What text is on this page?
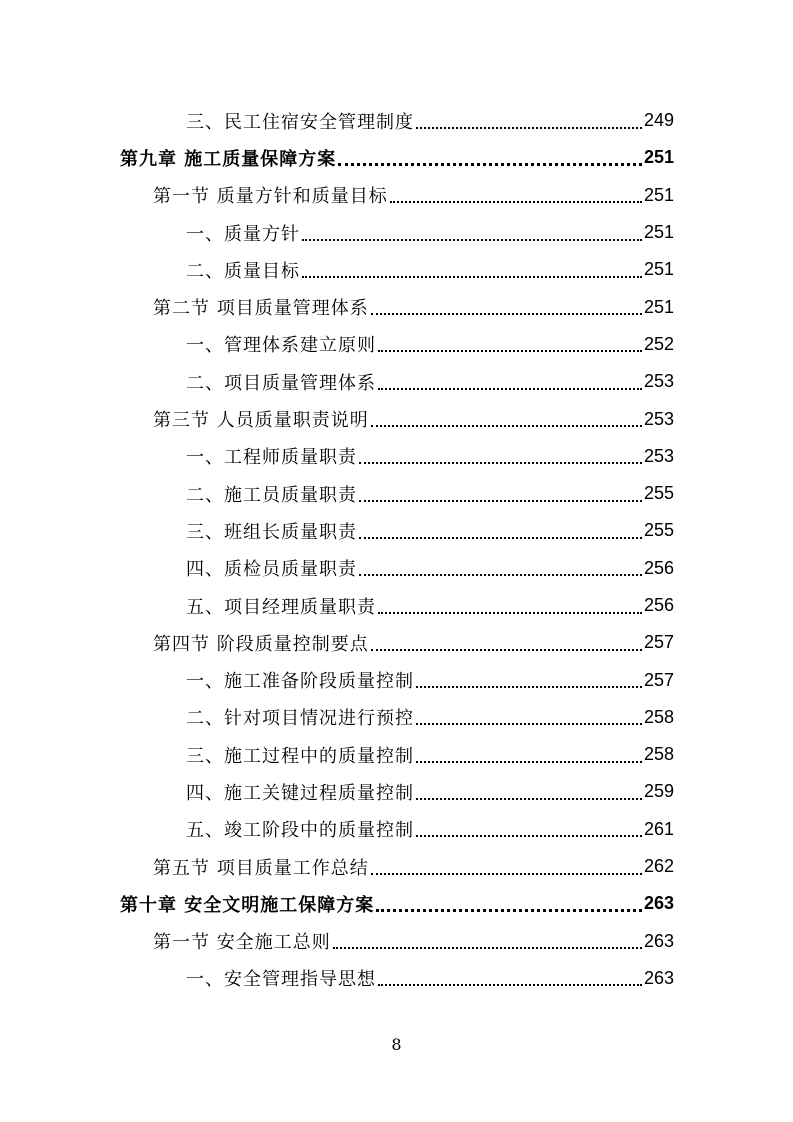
三、民工住宿安全管理制度	249
第九章 施工质量保障方案	251
第一节 质量方针和质量目标	251
一、质量方针	251
二、质量目标	251
第二节 项目质量管理体系	251
一、管理体系建立原则	252
二、项目质量管理体系	253
第三节 人员质量职责说明	253
一、工程师质量职责	253
二、施工员质量职责	255
三、班组长质量职责	255
四、质检员质量职责	256
五、项目经理质量职责	256
第四节 阶段质量控制要点	257
一、施工准备阶段质量控制	257
二、针对项目情况进行预控	258
三、施工过程中的质量控制	258
四、施工关键过程质量控制	259
五、竣工阶段中的质量控制	261
第五节 项目质量工作总结	262
第十章 安全文明施工保障方案	263
第一节 安全施工总则	263
一、安全管理指导思想	263
8
